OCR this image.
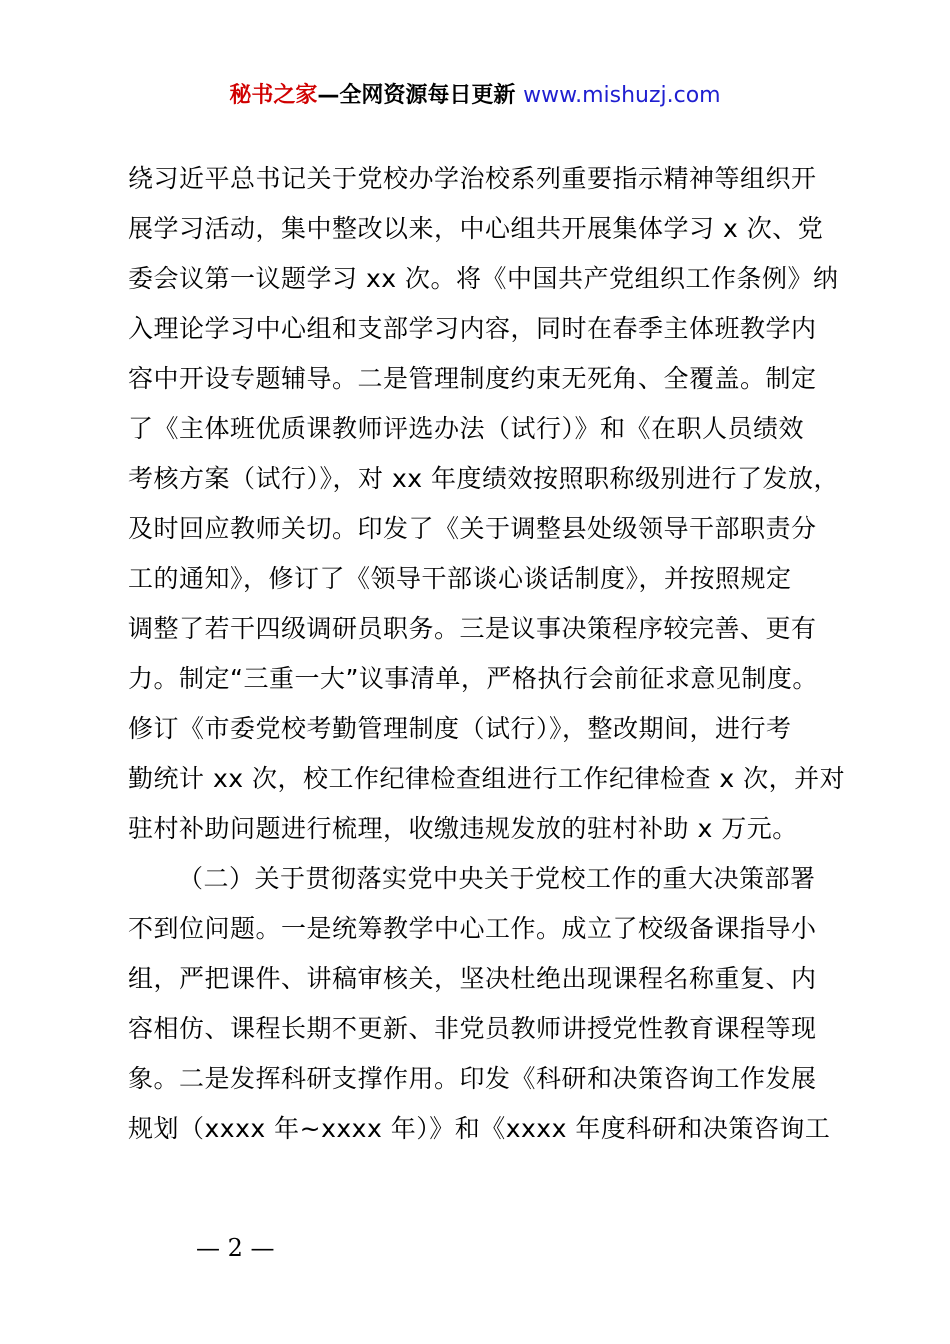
秘书之家—全网资源每日更新 www.mishuzj.com
绕习近平总书记关于党校办学治校系列重要指示精神等组织开
展学习活动，集中整改以来，中心组共开展集体学习 x 次、党
委会议第一议题学习 xx 次。将《中国共产党组织工作条例》纳
入理论学习中心组和支部学习内容，同时在春季主体班教学内
容中开设专题辅导。二是管理制度约束无死角、全覆盖。制定
了《主体班优质课教师评选办法（试行）》和《在职人员绩效
考核方案（试行）》，对 xx 年度绩效按照职称级别进行了发放，
及时回应教师关切。印发了《关于调整县处级领导干部职责分
工的通知》，修订了《领导干部谈心谈话制度》，并按照规定
调整了若干四级调研员职务。三是议事决策程序较完善、更有
力。制定“三重一大”议事清单，严格执行会前征求意见制度。
修订《市委党校考勤管理制度（试行）》，整改期间，进行考
勤统计 xx 次，校工作纪律检查组进行工作纪律检查 x 次，并对
驻村补助问题进行梳理，收缴违规发放的驻村补助 x 万元。
（二）关于贯彻落实党中央关于党校工作的重大决策部署
不到位问题。一是统筹教学中心工作。成立了校级备课指导小
组，严把课件、讲稿审核关，坚决杜绝出现课程名称重复、内
容相仿、课程长期不更新、非党员教师讲授党性教育课程等现
象。二是发挥科研支撑作用。印发《科研和决策咨询工作发展
规划（xxxx 年~xxxx 年）》和《xxxx 年度科研和决策咨询工
— 2 —
